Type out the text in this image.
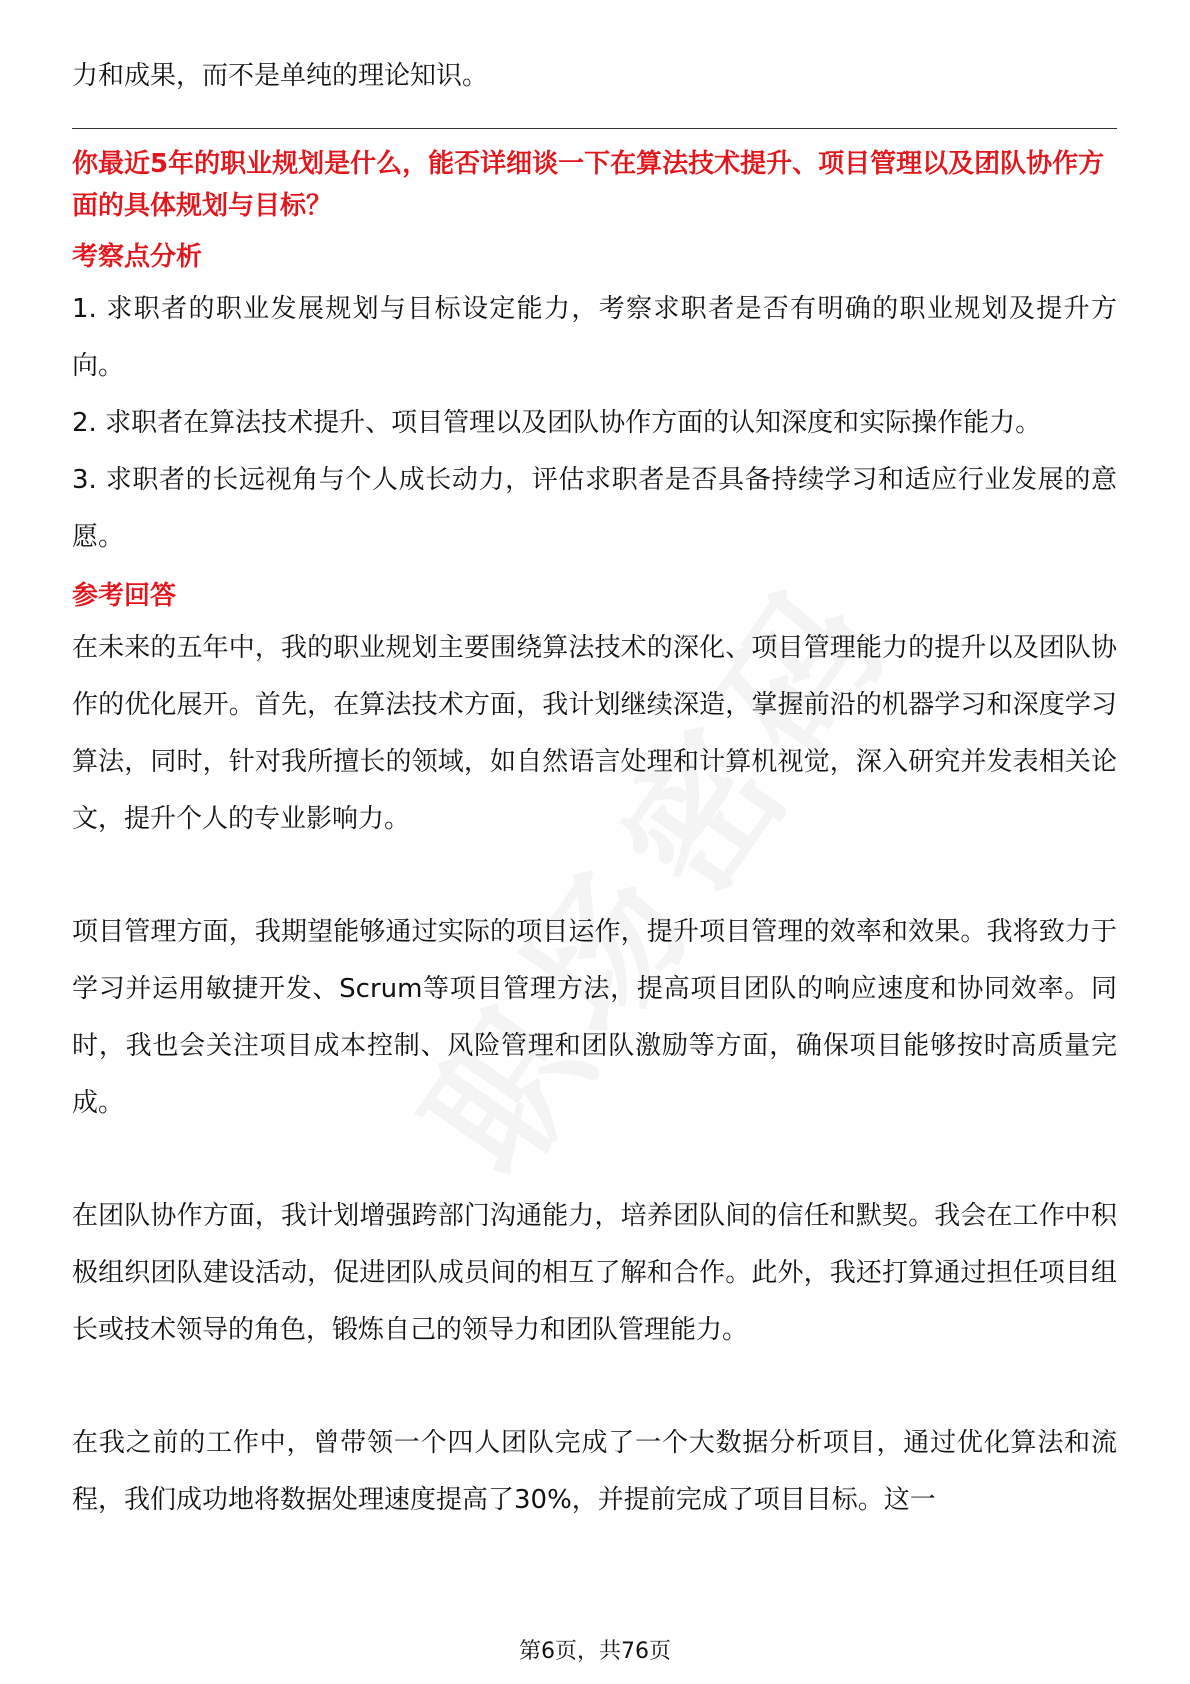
力和成果，而不是单纯的理论知识。

你最近5年的职业规划是什么，能否详细谈一下在算法技术提升、项目管理以及团队协作方面的具体规划与目标？

考察点分析

1. 求职者的职业发展规划与目标设定能力，考察求职者是否有明确的职业规划及提升方向。

2. 求职者在算法技术提升、项目管理以及团队协作方面的认知深度和实际操作能力。

3. 求职者的长远视角与个人成长动力，评估求职者是否具备持续学习和适应行业发展的意愿。

参考回答

在未来的五年中，我的职业规划主要围绕算法技术的深化、项目管理能力的提升以及团队协作的优化展开。首先，在算法技术方面，我计划继续深造，掌握前沿的机器学习和深度学习算法，同时，针对我所擅长的领域，如自然语言处理和计算机视觉，深入研究并发表相关论文，提升个人的专业影响力。

项目管理方面，我期望能够通过实际的项目运作，提升项目管理的效率和效果。我将致力于学习并运用敏捷开发、Scrum等项目管理方法，提高项目团队的响应速度和协同效率。同时，我也会关注项目成本控制、风险管理和团队激励等方面，确保项目能够按时高质量完成。

在团队协作方面，我计划增强跨部门沟通能力，培养团队间的信任和默契。我会在工作中积极组织团队建设活动，促进团队成员间的相互了解和合作。此外，我还打算通过担任项目组长或技术领导的角色，锻炼自己的领导力和团队管理能力。

在我之前的工作中，曾带领一个四人团队完成了一个大数据分析项目，通过优化算法和流程，我们成功地将数据处理速度提高了30%，并提前完成了项目目标。这一

第6页，共76页
